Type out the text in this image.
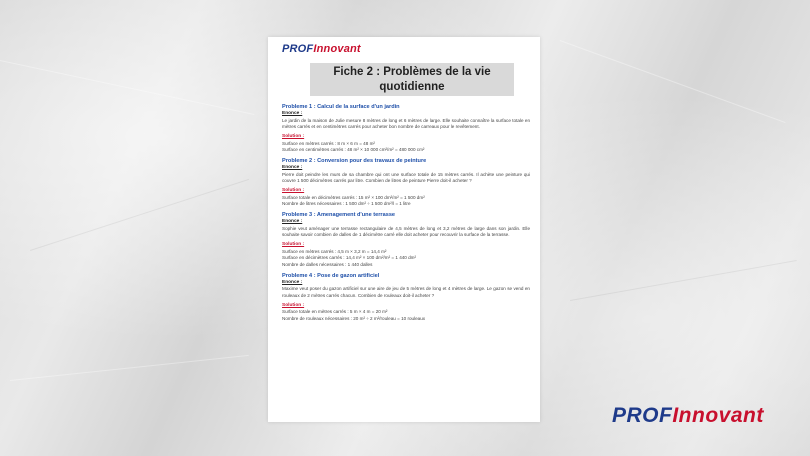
PROFInnovant
Fiche 2 : Problèmes de la vie
quotidienne
Probleme 1 : Calcul de la surface d'un jardin
Enonce :
Le jardin de la maison de Julie mesure 8 mètres de long et 6 mètres de large. Elle souhaite connaître la surface totale en mètres carrés et en centimètres carrés pour acheter bon nombre de carreaux pour le revêtement.
Solution :
Surface en mètres carrés : 8 m × 6 m = 48 m²
Surface en centimètres carrés : 48 m² × 10 000 cm²/m² = 480 000 cm²
Probleme 2 : Conversion pour des travaux de peinture
Enonce :
Pierre doit peindre les murs de sa chambre qui ont une surface totale de 15 mètres carrés. Il achète une peinture qui couvre 1 500 décimètres carrés par litre. Combien de litres de peinture Pierre doit-il acheter ?
Solution :
Surface totale en décimètres carrés : 15 m² × 100 dm²/m² = 1 500 dm²
Nombre de litres nécessaires : 1 500 dm² ÷ 1 500 dm²/l = 1 litre
Probleme 3 : Amenagement d'une terrasse
Enonce :
Sophie veut aménager une terrasse rectangulaire de 4,5 mètres de long et 3,2 mètres de large dans son jardin. Elle souhaite savoir combien de dalles de 1 décimètre carré elle doit acheter pour recouvrir la surface de la terrasse.
Solution :
Surface en mètres carrés : 4,5 m × 3,2 m = 14,4 m²
Surface en décimètres carrés : 14,4 m² × 100 dm²/m² = 1 440 dm²
Nombre de dalles nécessaires : 1 440 dalles
Probleme 4 : Pose de gazon artificiel
Enonce :
Maxime veut poser du gazon artificiel sur une aire de jeu de 5 mètres de long et 4 mètres de large. Le gazon se vend en rouleaux de 2 mètres carrés chacun. Combien de rouleaux doit-il acheter ?
Solution :
Surface totale en mètres carrés : 5 m × 4 m = 20 m²
Nombre de rouleaux nécessaires : 20 m² ÷ 2 m²/rouleau = 10 rouleaux
PROFInnovant
